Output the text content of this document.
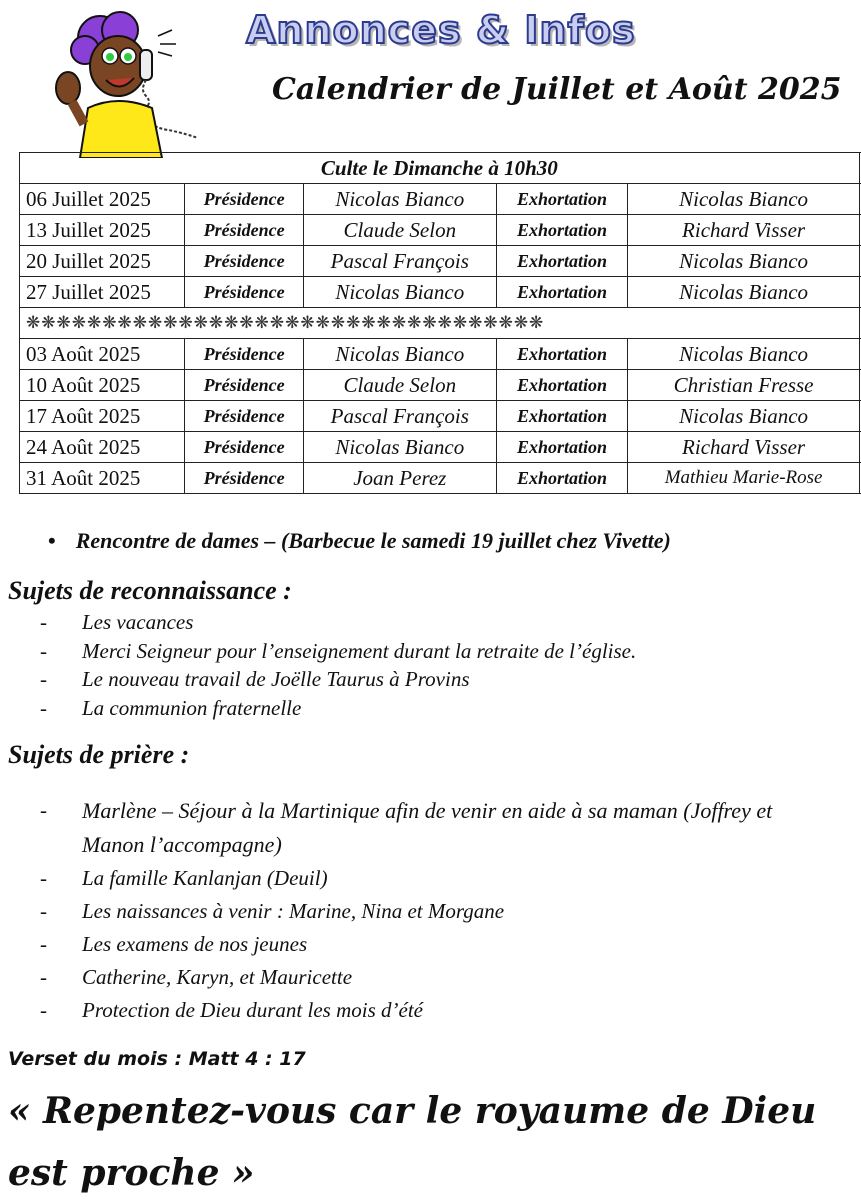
Annonces & Infos
Calendrier de Juillet et Août 2025
Culte le Dimanche à 10h30					
06 Juillet 2025	Présidence	Nicolas Bianco	Exhortation	Nicolas Bianco	
13 Juillet 2025	Présidence	Claude Selon	Exhortation	Richard Visser	
20 Juillet 2025	Présidence	Pascal François	Exhortation	Nicolas Bianco	
27 Juillet 2025	Présidence	Nicolas Bianco	Exhortation	Nicolas Bianco	
❋❋❋❋❋❋❋❋❋❋❋❋❋❋❋❋❋❋❋❋❋❋❋❋❋❋❋❋❋❋❋❋❋❋					
03 Août 2025	Présidence	Nicolas Bianco	Exhortation	Nicolas Bianco	
10 Août 2025	Présidence	Claude Selon	Exhortation	Christian Fresse	
17 Août 2025	Présidence	Pascal François	Exhortation	Nicolas Bianco	
24 Août 2025	Présidence	Nicolas Bianco	Exhortation	Richard Visser	
31 Août 2025	Présidence	Joan Perez	Exhortation	Mathieu Marie-Rose	
• Rencontre de dames – (Barbecue le samedi 19 juillet chez Vivette)
Sujets de reconnaissance :
-	Les vacances
-	Merci Seigneur pour l’enseignement durant la retraite de l’église.
-	Le nouveau travail de Joëlle Taurus à Provins
-	La communion fraternelle
Sujets de prière :
-	Marlène – Séjour à la Martinique afin de venir en aide à sa maman (Joffrey et Manon l’accompagne)
-	La famille Kanlanjan (Deuil)
-	Les naissances à venir : Marine, Nina et Morgane
-	Les examens de nos jeunes
-	Catherine, Karyn, et Mauricette
-	Protection de Dieu durant les mois d’été
Verset du mois : Matt 4 : 17
« Repentez-vous car le royaume de Dieu est proche »
